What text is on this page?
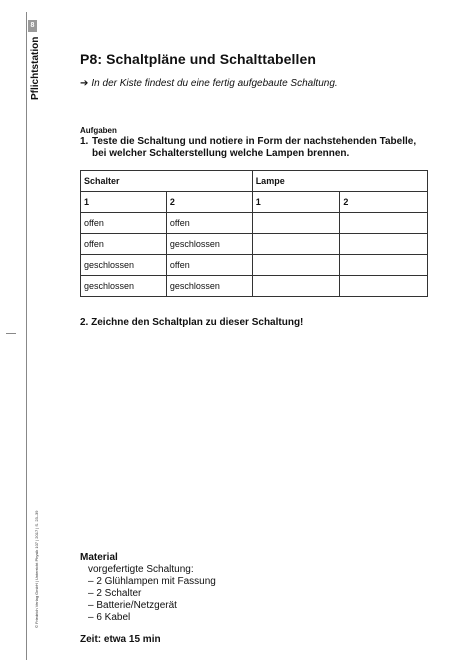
8
Pflichtstation
© Friedrich Verlag GmbH | Unterricht Physik 107 | 2017 | S. 23–39
P8: Schaltpläne und Schalttabellen
➔ In der Kiste findest du eine fertig aufgebaute Schaltung.
Aufgaben
1. Teste die Schaltung und notiere in Form der nachstehenden Tabelle, bei welcher Schalterstellung welche Lampen brennen.
Schalter		Lampe	
1	2	1	2
offen	offen		
offen	geschlossen		
geschlossen	offen		
geschlossen	geschlossen		
2. Zeichne den Schaltplan zu dieser Schaltung!
Material
vorgefertigte Schaltung:
– 2 Glühlampen mit Fassung
– 2 Schalter
– Batterie/Netzgerät
– 6 Kabel
Zeit: etwa 15 min
